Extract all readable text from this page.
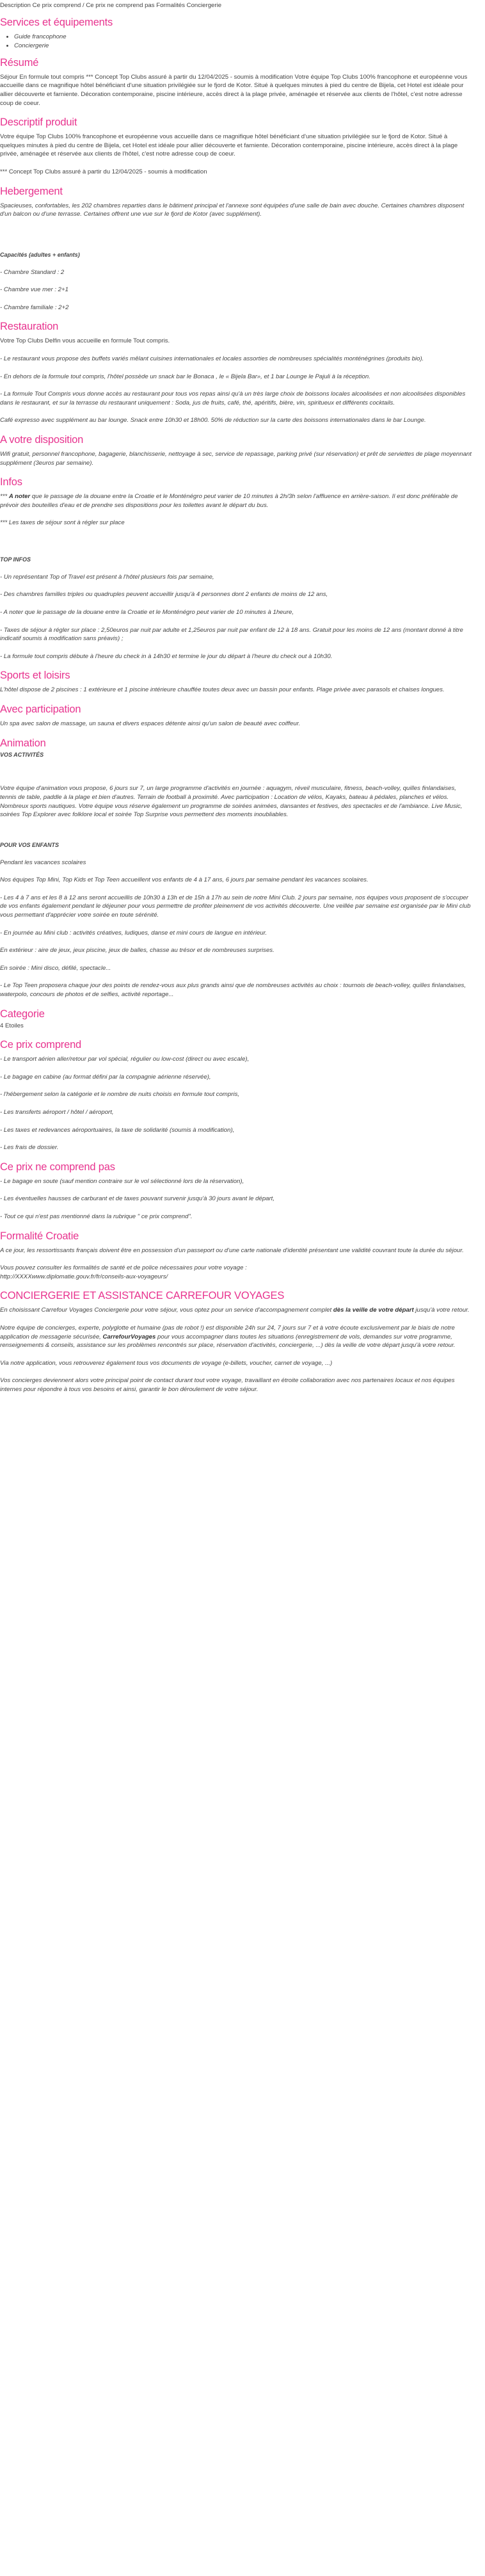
Description Ce prix comprend / Ce prix ne comprend pas Formalités Conciergerie
Services et équipements
• Guide francophone
• Conciergerie
Résumé

Séjour En formule tout compris *** Concept Top Clubs assuré à partir du 12/04/2025 - soumis à modification Votre équipe Top Clubs 100% francophone et européenne vous accueille dans ce magnifique hôtel bénéficiant d'une situation privilégiée sur le fjord de Kotor. Situé à quelques minutes à pied du centre de Bijela, cet Hotel est idéale pour allier découverte et farniente. Décoration contemporaine, piscine intérieure, accès direct à la plage privée, aménagée et réservée aux clients de l'hôtel, c'est notre adresse coup de coeur.

Descriptif produit

Votre équipe Top Clubs 100% francophone et européenne vous accueille dans ce magnifique hôtel bénéficiant d'une situation privilégiée sur le fjord de Kotor. Situé à quelques minutes à pied du centre de Bijela, cet Hotel est idéale pour allier découverte et farniente. Décoration contemporaine, piscine intérieure, accès direct à la plage privée, aménagée et réservée aux clients de l'hôtel, c'est notre adresse coup de coeur.

*** Concept Top Clubs assuré à partir du 12/04/2025 - soumis à modification

Hebergement

Spacieuses, confortables, les 202 chambres reparties dans le bâtiment principal et l'annexe sont équipées d'une salle de bain avec douche. Certaines chambres disposent d'un balcon ou d'une terrasse. Certaines offrent une vue sur le fjord de Kotor (avec supplément).

Capacités (adultes + enfants)

- Chambre Standard : 2

- Chambre vue mer : 2+1

- Chambre familiale : 2+2

Restauration

Votre Top Clubs Delfin vous accueille en formule Tout compris.

- Le restaurant vous propose des buffets variés mêlant cuisines internationales et locales assorties de nombreuses spécialités monténégrines (produits bio).

- En dehors de la formule tout compris, l'hôtel possède un snack bar le Bonaca , le « Bijela Bar», et 1 bar Lounge le Pajuli à la réception.

- La formule Tout Compris vous donne accès au restaurant pour tous vos repas ainsi qu'à un très large choix de boissons locales alcoolisées et non alcoolisées disponibles dans le restaurant, et sur la terrasse du restaurant uniquement : Soda, jus de fruits, café, thé, apéritifs, bière, vin, spiritueux et différents cocktails.

Café expresso avec supplément au bar lounge. Snack entre 10h30 et 18h00. 50% de réduction sur la carte des boissons internationales dans le bar Lounge.

A votre disposition

Wifi gratuit, personnel francophone, bagagerie, blanchisserie, nettoyage à sec, service de repassage, parking privé (sur réservation) et prêt de serviettes de plage moyennant supplément (3euros par semaine).

Infos

*** A noter que le passage de la douane entre la Croatie et le Monténégro peut varier de 10 minutes à 2h/3h selon l'affluence en arrière-saison. Il est donc préférable de prévoir des bouteilles d'eau et de prendre ses dispositions pour les toilettes avant le départ du bus.

*** Les taxes de séjour sont à régler sur place

TOP INFOS

- Un représentant Top of Travel est présent à l'hôtel plusieurs fois par semaine,

- Des chambres familles triples ou quadruples peuvent accueillir jusqu'à 4 personnes dont 2 enfants de moins de 12 ans,

- A noter que le passage de la douane entre la Croatie et le Monténégro peut varier de 10 minutes à 1heure,

- Taxes de séjour à régler sur place : 2,50euros par nuit par adulte et 1,25euros par nuit par enfant de 12 à 18 ans. Gratuit pour les moins de 12 ans (montant donné à titre indicatif soumis à modification sans préavis) ;

- La formule tout compris débute à l'heure du check in à 14h30 et termine le jour du départ à l'heure du check out à 10h30.

Sports et loisirs

L'hôtel dispose de 2 piscines : 1 extérieure et 1 piscine intérieure chauffée toutes deux avec un bassin pour enfants. Plage privée avec parasols et chaises longues.

Avec participation

Un spa avec salon de massage, un sauna et divers espaces détente ainsi qu'un salon de beauté avec coiffeur.

Animation
VOS ACTIVITÉS

Votre équipe d'animation vous propose, 6 jours sur 7, un large programme d'activités en journée : aquagym, réveil musculaire, fitness, beach-volley, quilles finlandaises, tennis de table, paddle à la plage et bien d'autres. Terrain de football à proximité. Avec participation : Location de vélos, Kayaks, bateau à pédales, planches et vélos. Nombreux sports nautiques. Votre équipe vous réserve également un programme de soirées animées, dansantes et festives, des spectacles et de l'ambiance. Live Music, soirées Top Explorer avec folklore local et soirée Top Surprise vous permettent des moments inoubliables.

POUR VOS ENFANTS

Pendant les vacances scolaires

Nos équipes Top Mini, Top Kids et Top Teen accueillent vos enfants de 4 à 17 ans, 6 jours par semaine pendant les vacances scolaires.

- Les 4 à 7 ans et les 8 à 12 ans seront accueillis de 10h30 à 13h et de 15h à 17h au sein de notre Mini Club. 2 jours par semaine, nos équipes vous proposent de s'occuper de vos enfants également pendant le déjeuner pour vous permettre de profiter pleinement de vos activités découverte. Une veillée par semaine est organisée par le Mini club vous permettant d'apprécier votre soirée en toute sérénité.

- En journée au Mini club : activités créatives, ludiques, danse et mini cours de langue en intérieur.

En extérieur : aire de jeux, jeux piscine, jeux de balles, chasse au trésor et de nombreuses surprises.

En soirée : Mini disco, défilé, spectacle...

- Le Top Teen proposera chaque jour des points de rendez-vous aux plus grands ainsi que de nombreuses activités au choix : tournois de beach-volley, quilles finlandaises, waterpolo, concours de photos et de selfies, activité reportage...

Categorie

4 Etoiles

Ce prix comprend

- Le transport aérien aller/retour par vol spécial, régulier ou low-cost (direct ou avec escale),

- Le bagage en cabine (au format défini par la compagnie aérienne réservée),

- l'hébergement selon la catégorie et le nombre de nuits choisis en formule tout compris,

- Les transferts aéroport / hôtel / aéroport,

- Les taxes et redevances aéroportuaires, la taxe de solidarité (soumis à modification),

- Les frais de dossier.

Ce prix ne comprend pas

- Le bagage en soute (sauf mention contraire sur le vol sélectionné lors de la réservation),

- Les éventuelles hausses de carburant et de taxes pouvant survenir jusqu'à 30 jours avant le départ,

- Tout ce qui n'est pas mentionné dans la rubrique " ce prix comprend".

Formalité Croatie

A ce jour, les ressortissants français doivent être en possession d'un passeport ou d'une carte nationale d'identité présentant une validité couvrant toute la durée du séjour.

Vous pouvez consulter les formalités de santé et de police nécessaires pour votre voyage :
http://XXXXwww.diplomatie.gouv.fr/fr/conseils-aux-voyageurs/

CONCIERGERIE ET ASSISTANCE CARREFOUR VOYAGES

En choisissant Carrefour Voyages Conciergerie pour votre séjour, vous optez pour un service d'accompagnement complet dès la veille de votre départ jusqu'à votre retour.

Notre équipe de concierges, experte, polyglotte et humaine (pas de robot !) est disponible 24h sur 24, 7 jours sur 7 et à votre écoute exclusivement par le biais de notre application de messagerie sécurisée, CarrefourVoyages pour vous accompagner dans toutes les situations (enregistrement de vols, demandes sur votre programme, renseignements & conseils, assistance sur les problèmes rencontrés sur place, réservation d'activités, conciergerie, ...) dès la veille de votre départ jusqu'à votre retour.

Via notre application, vous retrouverez également tous vos documents de voyage (e-billets, voucher, carnet de voyage, ...)

Vos concierges deviennent alors votre principal point de contact durant tout votre voyage, travaillant en étroite collaboration avec nos partenaires locaux et nos équipes internes pour répondre à tous vos besoins et ainsi, garantir le bon déroulement de votre séjour.
